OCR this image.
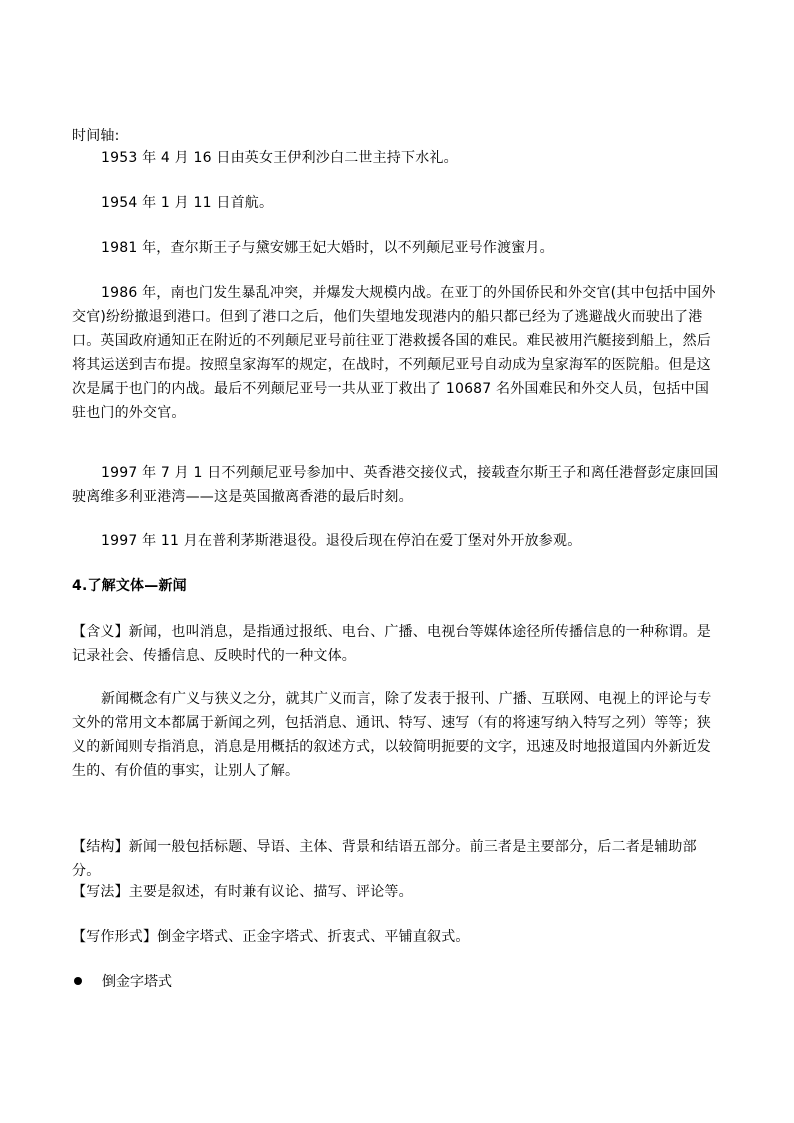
时间轴:

1953 年 4 月 16 日由英女王伊利沙白二世主持下水礼。

1954 年 1 月 11 日首航。

1981 年，查尔斯王子与黛安娜王妃大婚时，以不列颠尼亚号作渡蜜月。

1986 年，南也门发生暴乱冲突，并爆发大规模内战。在亚丁的外国侨民和外交官(其中包括中国外交官)纷纷撤退到港口。但到了港口之后，他们失望地发现港内的船只都已经为了逃避战火而驶出了港口。英国政府通知正在附近的不列颠尼亚号前往亚丁港救援各国的难民。难民被用汽艇接到船上，然后将其运送到吉布提。按照皇家海军的规定，在战时，不列颠尼亚号自动成为皇家海军的医院船。但是这次是属于也门的内战。最后不列颠尼亚号一共从亚丁救出了 10687 名外国难民和外交人员，包括中国驻也门的外交官。

1997 年 7 月 1 日不列颠尼亚号参加中、英香港交接仪式，接载查尔斯王子和离任港督彭定康回国驶离维多利亚港湾——这是英国撤离香港的最后时刻。

1997 年 11 月在普利茅斯港退役。退役后现在停泊在爱丁堡对外开放参观。

4.了解文体—新闻

【含义】新闻，也叫消息，是指通过报纸、电台、广播、电视台等媒体途径所传播信息的一种称谓。是记录社会、传播信息、反映时代的一种文体。

新闻概念有广义与狭义之分，就其广义而言，除了发表于报刊、广播、互联网、电视上的评论与专文外的常用文本都属于新闻之列，包括消息、通讯、特写、速写（有的将速写纳入特写之列）等等；狭义的新闻则专指消息，消息是用概括的叙述方式，以较简明扼要的文字，迅速及时地报道国内外新近发生的、有价值的事实，让别人了解。

【结构】新闻一般包括标题、导语、主体、背景和结语五部分。前三者是主要部分，后二者是辅助部分。

【写法】主要是叙述，有时兼有议论、描写、评论等。

【写作形式】倒金字塔式、正金字塔式、折衷式、平铺直叙式。

倒金字塔式
